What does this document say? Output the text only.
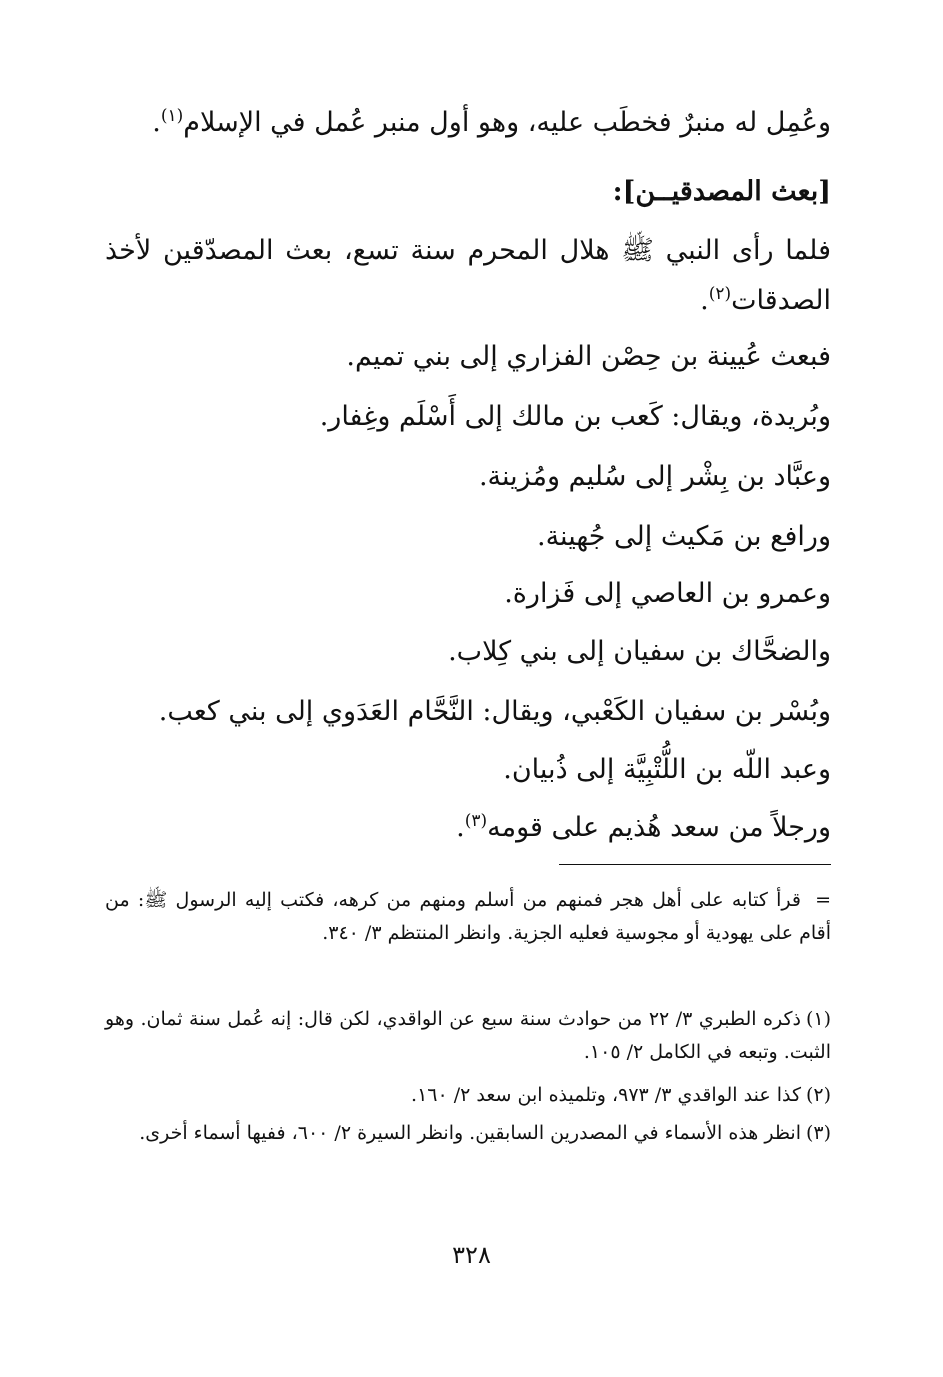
وعُمِل له منبرٌ فخطَب عليه، وهو أول منبر عُمل في الإسلام$^{(١)}$.
[بعث المصدقيــن]:
فلما رأى النبي ﷺ هلال المحرم سنة تسع، بعث المصدّقين لأخذ الصدقات$^{(٢)}$.
فبعث عُيينة بن حِصْن الفزاري إلى بني تميم.
وبُريدة، ويقال: كَعب بن مالك إلى أَسْلَم وغِفار.
وعبَّاد بن بِشْر إلى سُليم ومُزينة.
ورافع بن مَكيث إلى جُهينة.
وعمرو بن العاصي إلى فَزارة.
والضحَّاك بن سفيان إلى بني كِلاب.
وبُسْر بن سفيان الكَعْبي، ويقال: النَّحَّام العَدَوي إلى بني كعب.
وعبد اللّه بن اللُّتْبِيَّة إلى ذُبيان.
ورجلاً من سعد هُذيم على قومه$^{(٣)}$.
=قرأ كتابه على أهل هجر فمنهم من أسلم ومنهم من كرهه، فكتب إليه الرسول ﷺ: من أقام على يهودية أو مجوسية فعليه الجزية. وانظر المنتظم ٣/ ٣٤٠.
(١)ذكره الطبري ٣/ ٢٢ من حوادث سنة سبع عن الواقدي، لكن قال: إنه عُمل سنة ثمان. وهو الثبت. وتبعه في الكامل ٢/ ١٠٥.
(٢)كذا عند الواقدي ٣/ ٩٧٣، وتلميذه ابن سعد ٢/ ١٦٠.
(٣)انظر هذه الأسماء في المصدرين السابقين. وانظر السيرة ٢/ ٦٠٠، ففيها أسماء أخرى.
٣٢٨
